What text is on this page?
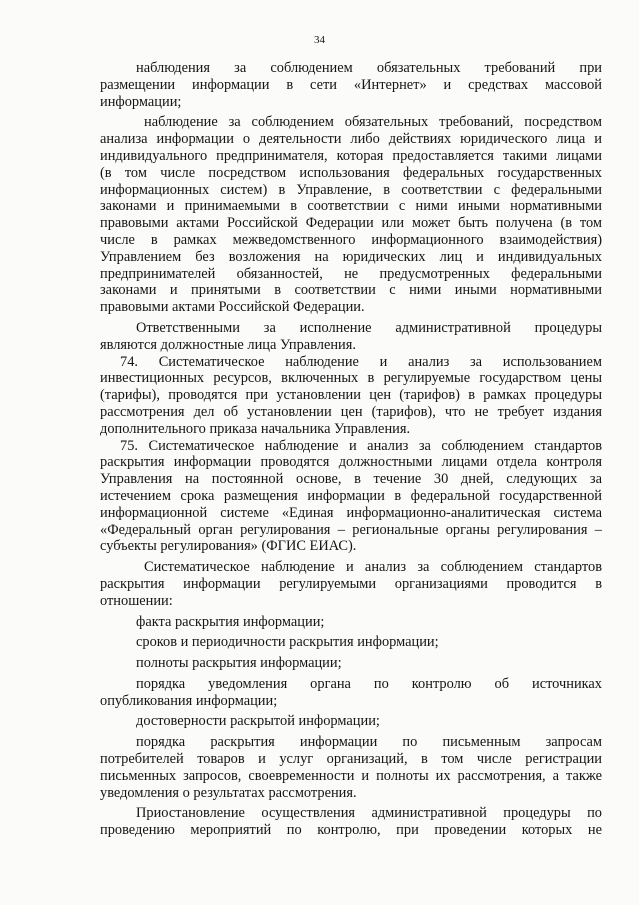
34
наблюдения за соблюдением обязательных требований при
размещении информации в сети «Интернет» и средствах массовой
информации;
наблюдение за соблюдением обязательных требований, посредством
анализа информации о деятельности либо действиях юридического лица и
индивидуального предпринимателя, которая предоставляется такими лицами
(в том числе посредством использования федеральных государственных
информационных систем) в Управление, в соответствии с федеральными
законами и принимаемыми в соответствии с ними иными нормативными
правовыми актами Российской Федерации или может быть получена (в том
числе в рамках межведомственного информационного взаимодействия)
Управлением без возложения на юридических лиц и индивидуальных
предпринимателей обязанностей, не предусмотренных федеральными
законами и принятыми в соответствии с ними иными нормативными
правовыми актами Российской Федерации.
Ответственными за исполнение административной процедуры
являются должностные лица Управления.
74. Систематическое наблюдение и анализ за использованием
инвестиционных ресурсов, включенных в регулируемые государством цены
(тарифы), проводятся при установлении цен (тарифов) в рамках процедуры
рассмотрения дел об установлении цен (тарифов), что не требует издания
дополнительного приказа начальника Управления.
75. Систематическое наблюдение и анализ за соблюдением стандартов
раскрытия информации проводятся должностными лицами отдела контроля
Управления на постоянной основе, в течение 30 дней, следующих за
истечением срока размещения информации в федеральной государственной
информационной системе «Единая информационно-аналитическая система
«Федеральный орган регулирования – региональные органы регулирования –
субъекты регулирования» (ФГИС ЕИАС).
Систематическое наблюдение и анализ за соблюдением стандартов
раскрытия информации регулируемыми организациями проводится в
отношении:
факта раскрытия информации;
сроков и периодичности раскрытия информации;
полноты раскрытия информации;
порядка уведомления органа по контролю об источниках
опубликования информации;
достоверности раскрытой информации;
порядка раскрытия информации по письменным запросам
потребителей товаров и услуг организаций, в том числе регистрации
письменных запросов, своевременности и полноты их рассмотрения, а также
уведомления о результатах рассмотрения.
Приостановление осуществления административной процедуры по
проведению мероприятий по контролю, при проведении которых не
